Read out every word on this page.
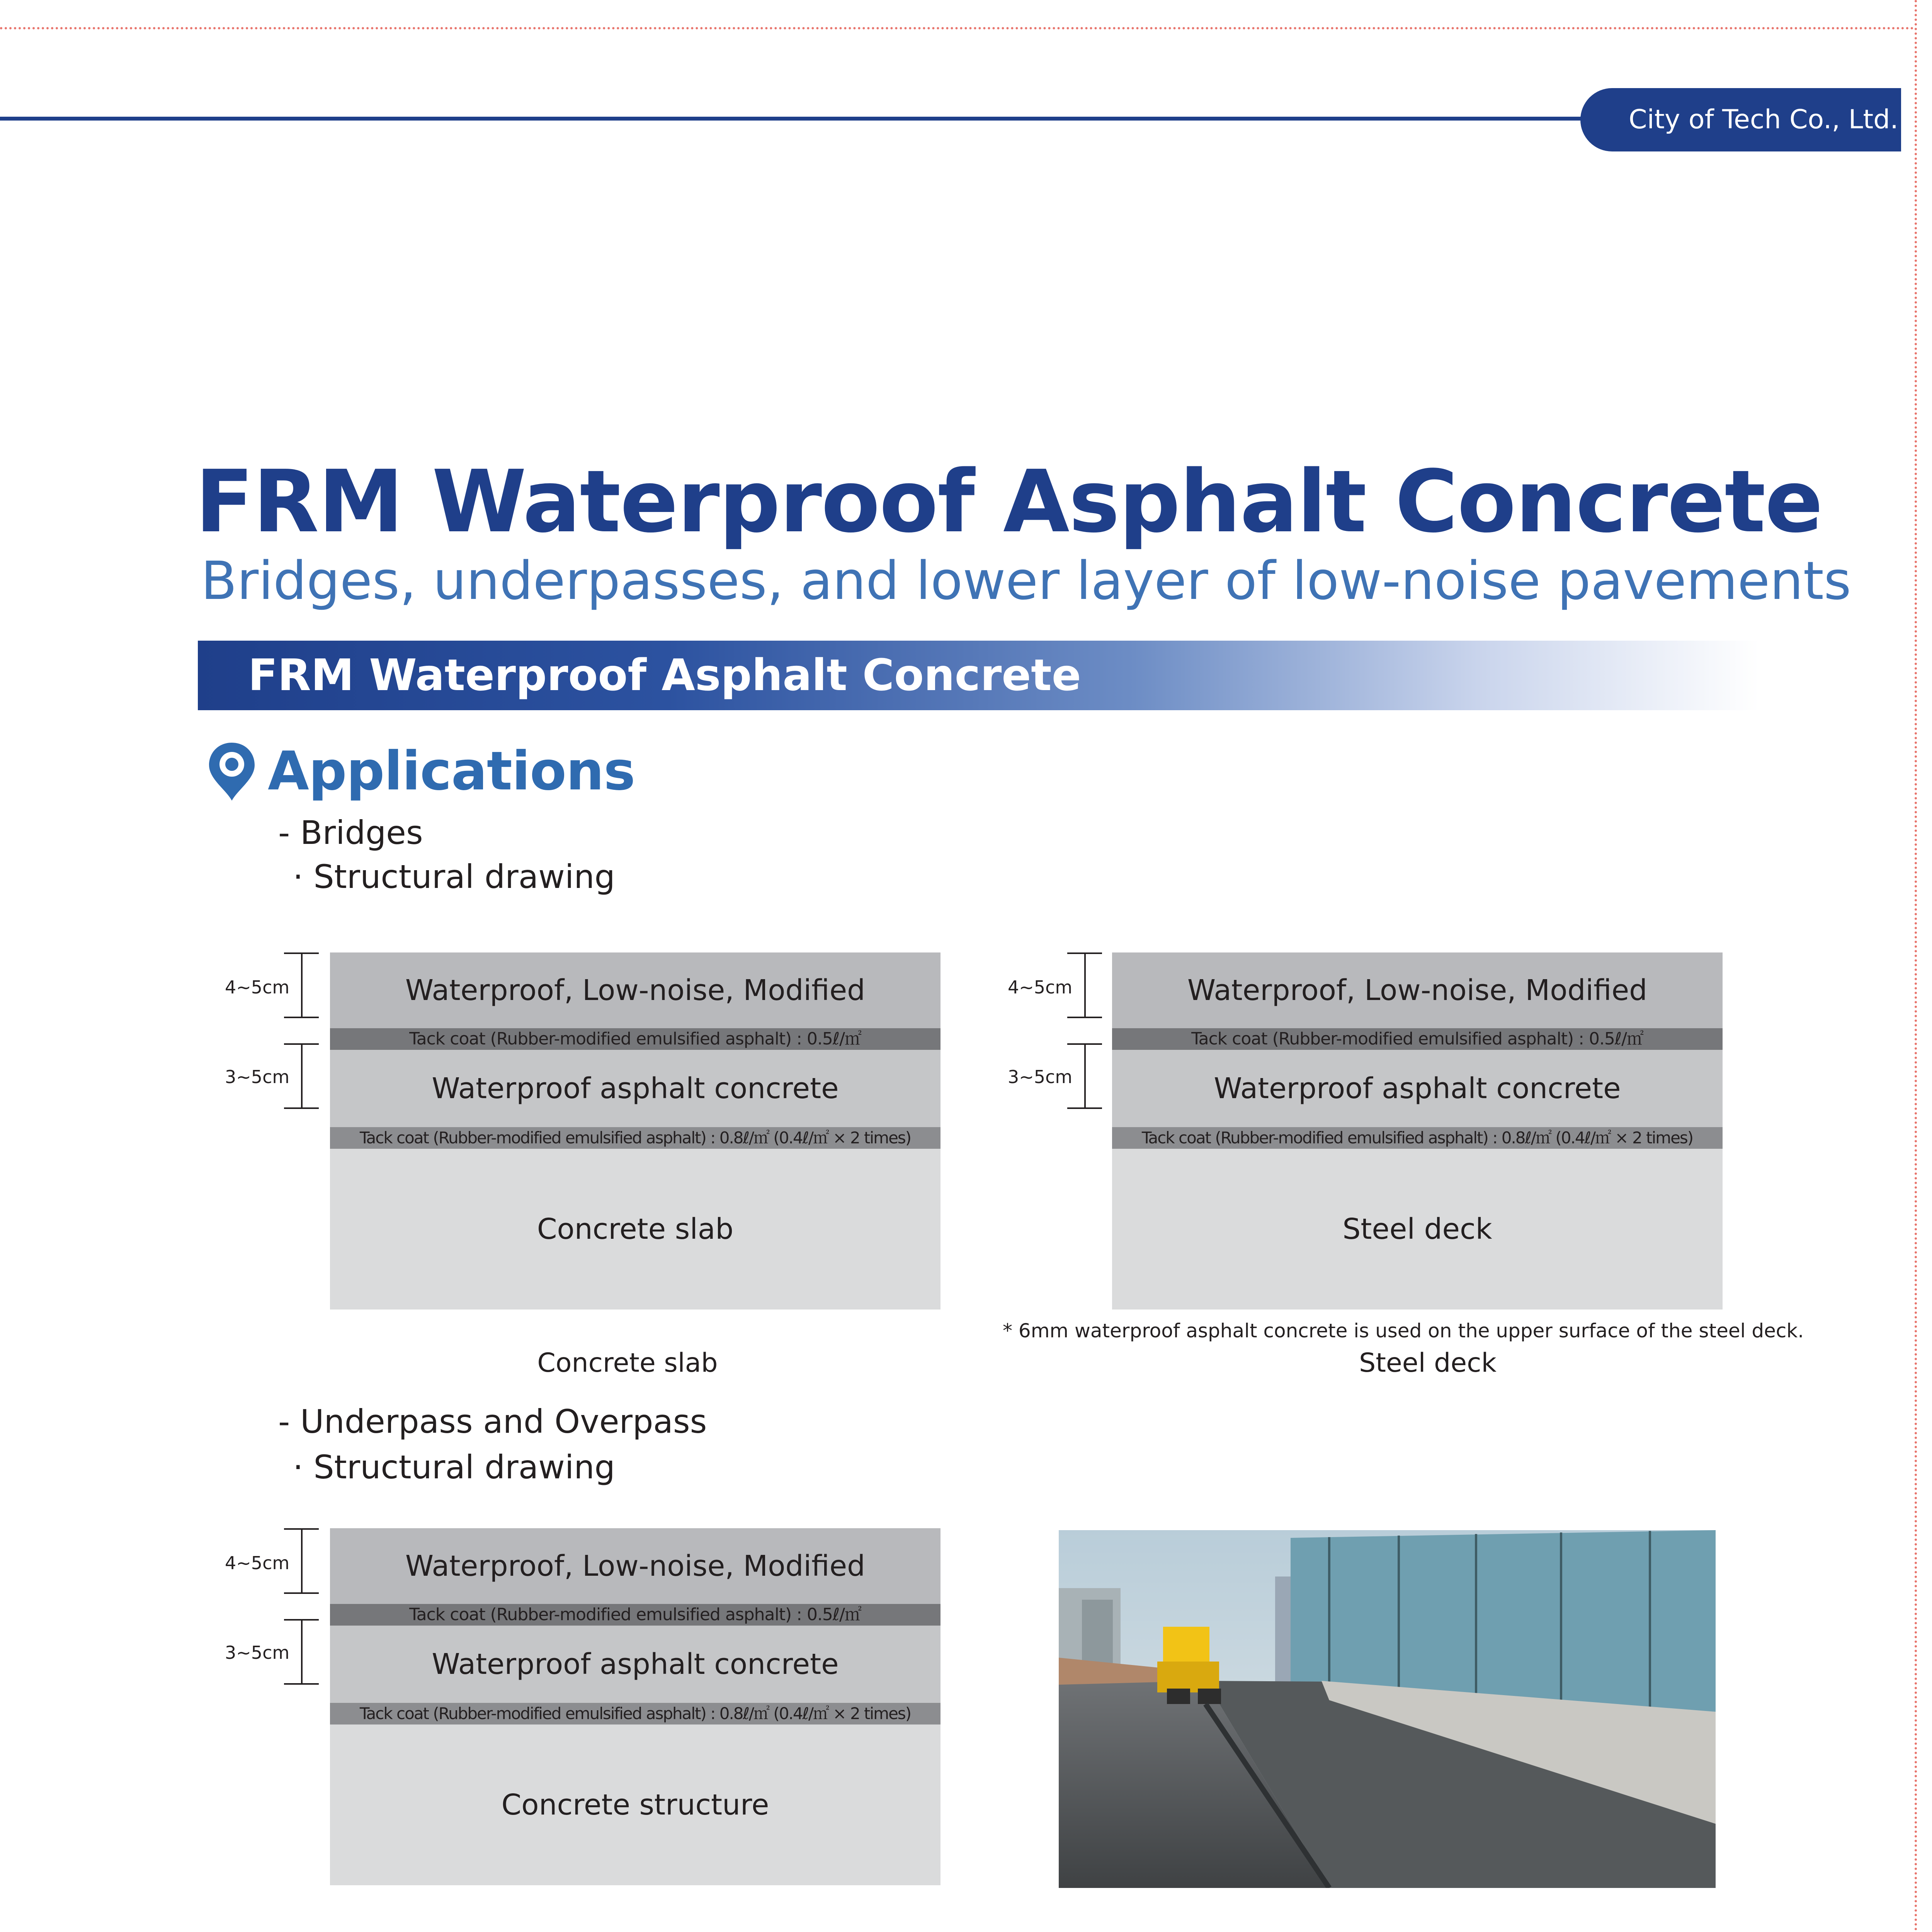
City of Tech Co., Ltd.
FRM Waterproof Asphalt Concrete
Bridges, underpasses, and lower layer of low-noise pavements
FRM Waterproof Asphalt Concrete
Applications
- Bridges
· Structural drawing
4~5cm
3~5cm
Waterproof, Low-noise, Modified
Tack coat (Rubber-modified emulsified asphalt) : 0.5ℓ/㎡
Waterproof asphalt concrete
Tack coat (Rubber-modified emulsified asphalt) : 0.8ℓ/㎡ (0.4ℓ/㎡ × 2 times)
Concrete slab
Concrete slab
4~5cm
3~5cm
Waterproof, Low-noise, Modified
Tack coat (Rubber-modified emulsified asphalt) : 0.5ℓ/㎡
Waterproof asphalt concrete
Tack coat (Rubber-modified emulsified asphalt) : 0.8ℓ/㎡ (0.4ℓ/㎡ × 2 times)
Steel deck
* 6mm waterproof asphalt concrete is used on the upper surface of the steel deck.
Steel deck
- Underpass and Overpass
· Structural drawing
4~5cm
3~5cm
Waterproof, Low-noise, Modified
Tack coat (Rubber-modified emulsified asphalt) : 0.5ℓ/㎡
Waterproof asphalt concrete
Tack coat (Rubber-modified emulsified asphalt) : 0.8ℓ/㎡ (0.4ℓ/㎡ × 2 times)
Concrete structure
